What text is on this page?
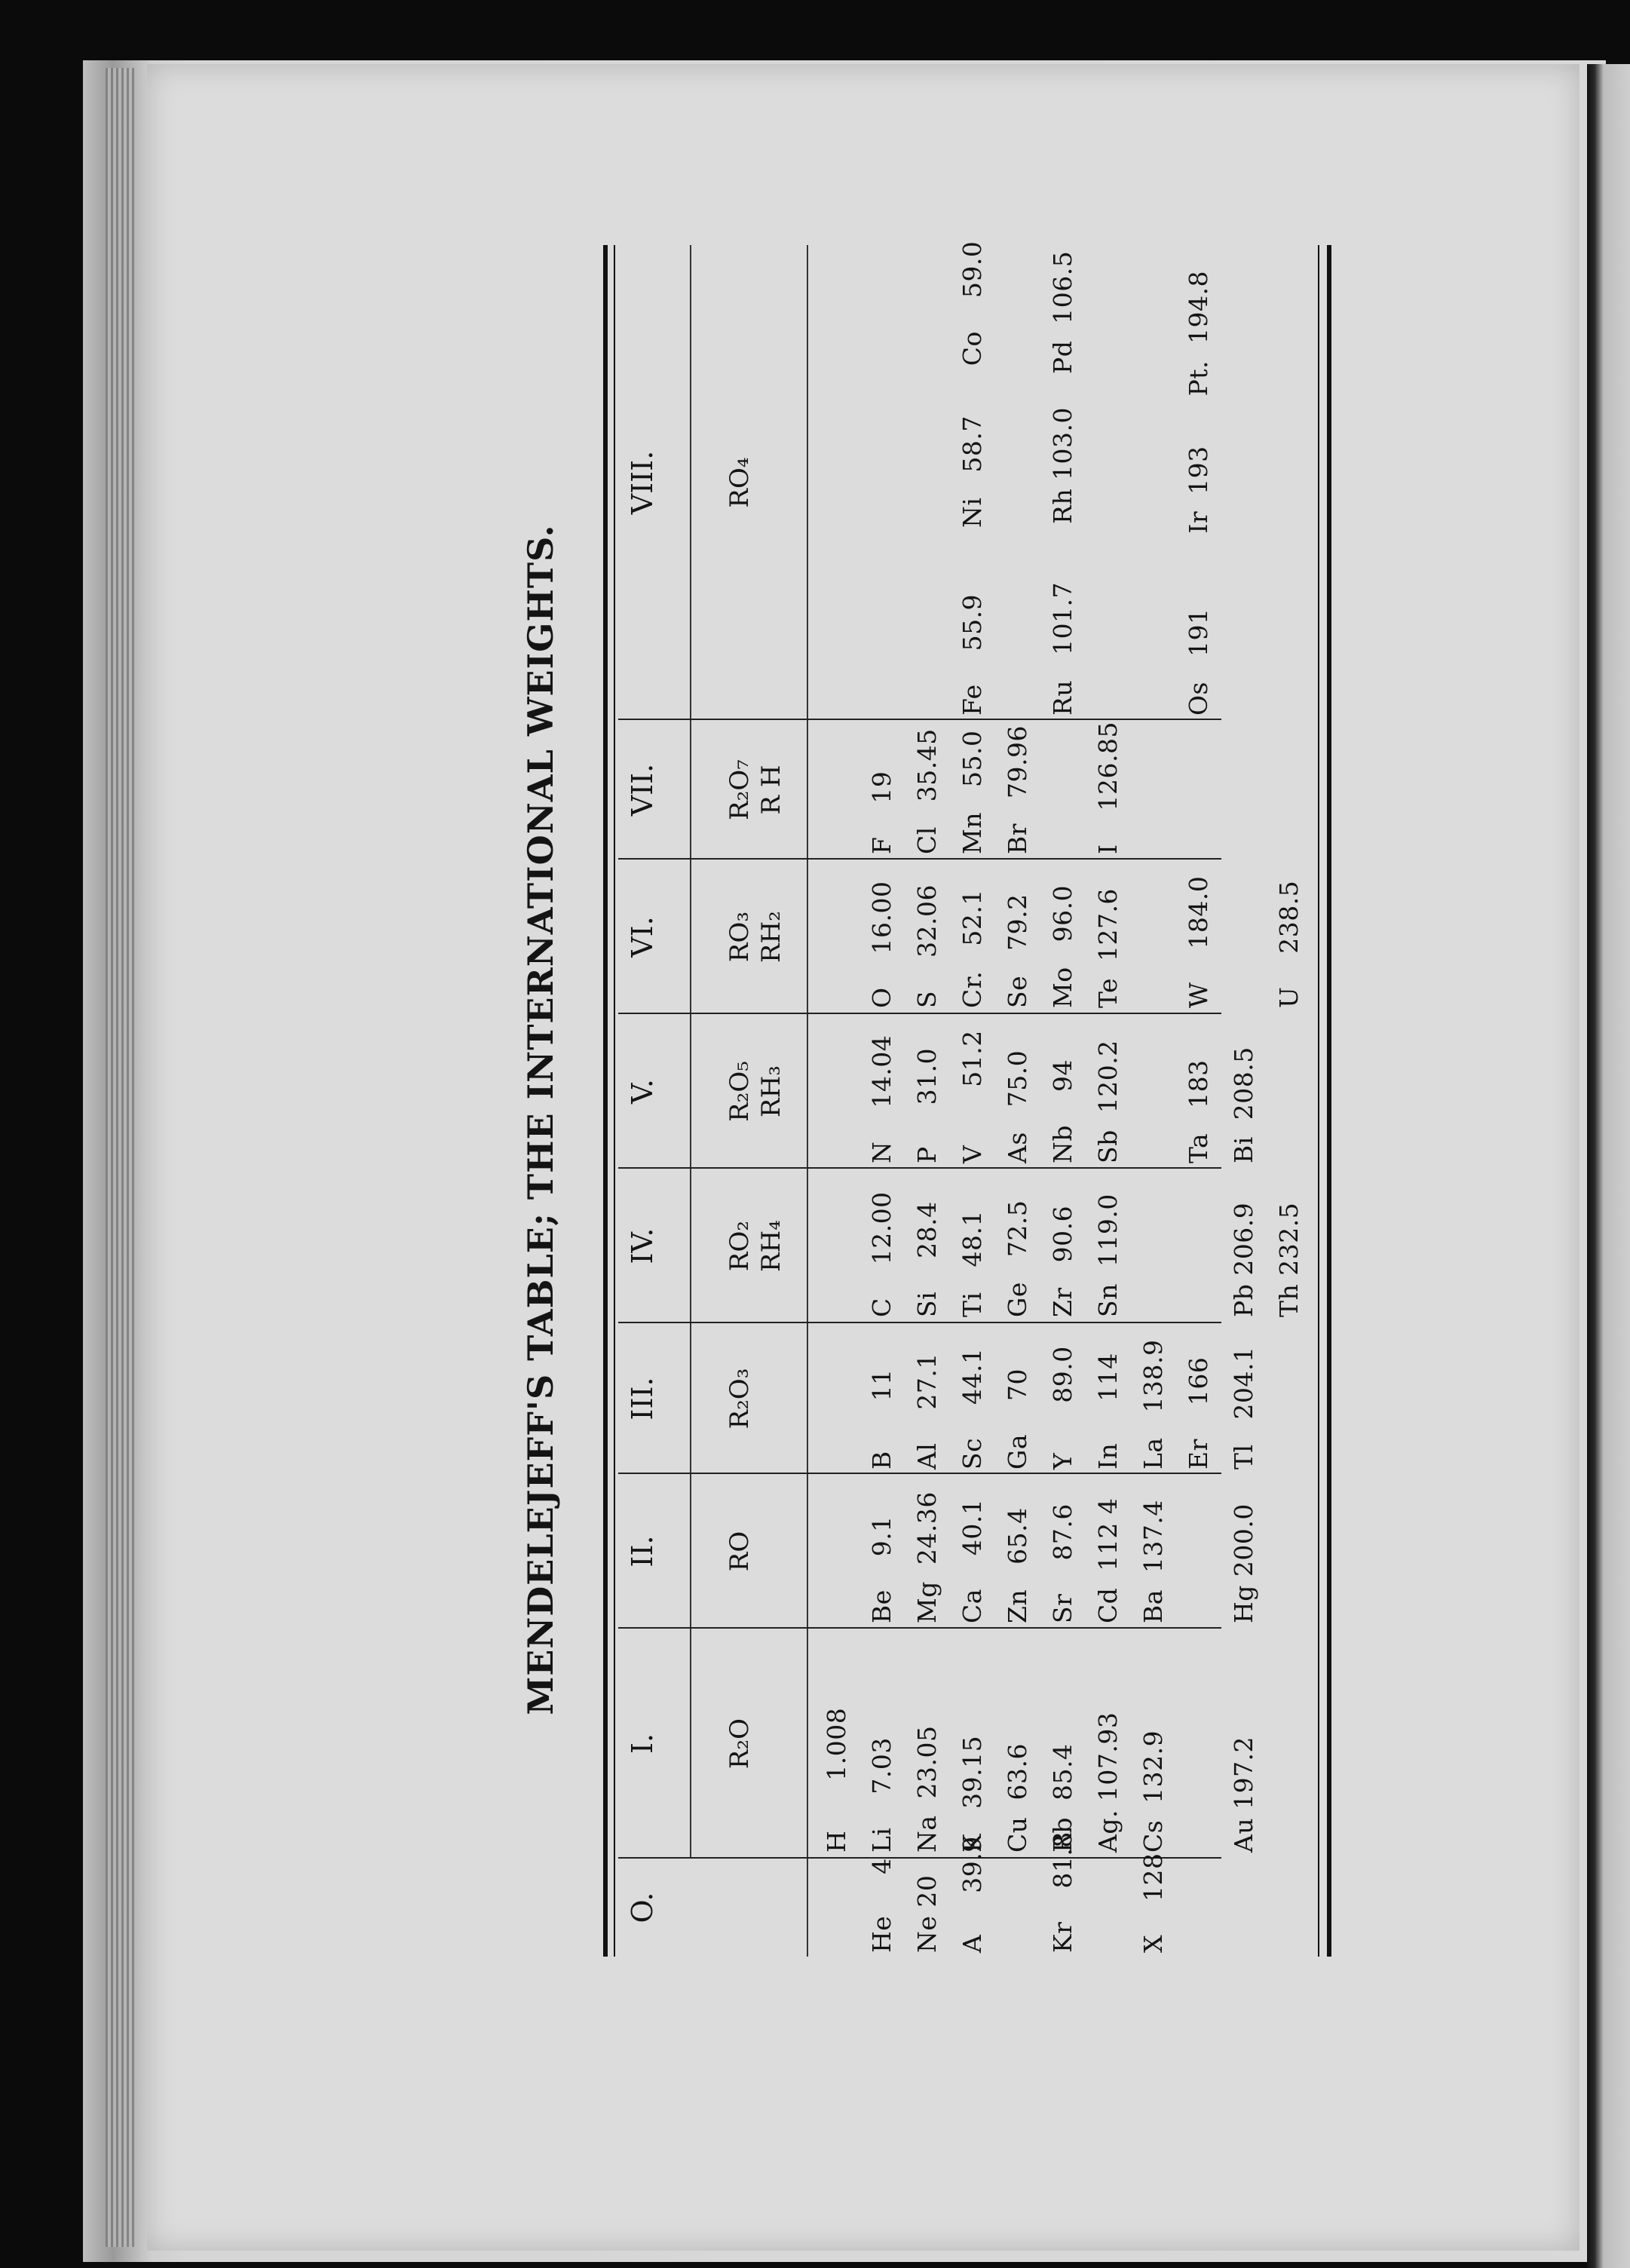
MENDELEJEFF'S TABLE; THE INTERNATIONAL WEIGHTS.
O.
I.
II.
III.
IV.
V.
VI.
VII.
VIII.
R₂O
RO
R₂O₃
RO₂
RH₄
R₂O₅
RH₃
RO₃
RH₂
R₂O₇
R H
RO₄
H      1.008
He     4
Li    7.03
Be    9.1
B      11
C    12.00
N    14.04
O    16.00
F    19
Ne 20
Na  23.05
Mg  24.36
Al    27.1
Si    28.4
P     31.0
S    32.06
Cl   35.45
A     39.9
K   39.15
Ca    40.1
Sc    44.1
Ti   48.1
V       51.2
Cr.   52.1
Mn   55.0
Fe    55.9        Ni   58.7      Co    59.0
Cu  63.6
Zn   65.4
Ga    70
Ge   72.5
As   75.0
Se   79.2
Br   79.96
Kr    81.8
Rb  85.4
Sr    87.6
Y      89.0
Zr   90.6
Nb    94
Mo   96.0
Ru   101.7       Rh 103.0    Pd  106.5
Ag. 107.93
Cd  112 4
In     114
Sn  119.0
Sb  120.2
Te  127.6
I    126.85
X    128
Cs  132.9
Ba  137.4
La   138.9 Er    166
Ta   183
W    184.0
Os   191         Ir  193      Pt.  194.8
Au 197.2
Hg 200.0
Tl   204.1
Pb 206.9
Bi  208.5
Th 232.5
U    238.5
